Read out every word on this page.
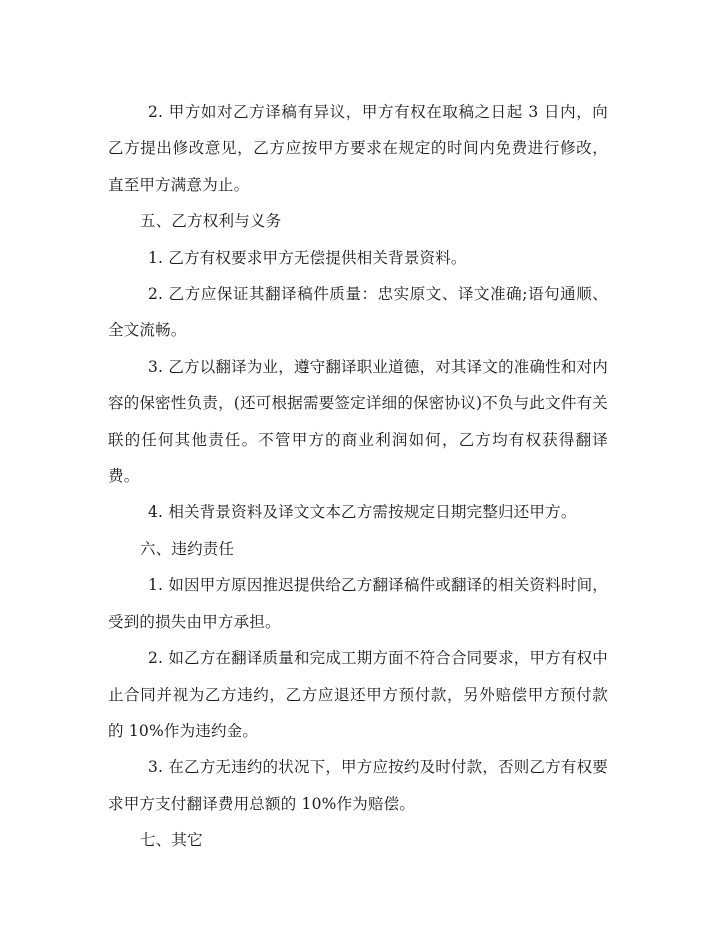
2. 甲方如对乙方译稿有异议，甲方有权在取稿之日起 3 日内，向乙方提出修改意见，乙方应按甲方要求在规定的时间内免费进行修改，直至甲方满意为止。

五、乙方权利与义务

1. 乙方有权要求甲方无偿提供相关背景资料。

2. 乙方应保证其翻译稿件质量：忠实原文、译文准确;语句通顺、全文流畅。

3. 乙方以翻译为业，遵守翻译职业道德，对其译文的准确性和对内容的保密性负责，(还可根据需要签定详细的保密协议)不负与此文件有关联的任何其他责任。不管甲方的商业利润如何，乙方均有权获得翻译费。

4. 相关背景资料及译文文本乙方需按规定日期完整归还甲方。

六、违约责任

1. 如因甲方原因推迟提供给乙方翻译稿件或翻译的相关资料时间，受到的损失由甲方承担。

2. 如乙方在翻译质量和完成工期方面不符合合同要求，甲方有权中止合同并视为乙方违约，乙方应退还甲方预付款，另外赔偿甲方预付款的 10%作为违约金。

3. 在乙方无违约的状况下，甲方应按约及时付款，否则乙方有权要求甲方支付翻译费用总额的 10%作为赔偿。

七、其它
